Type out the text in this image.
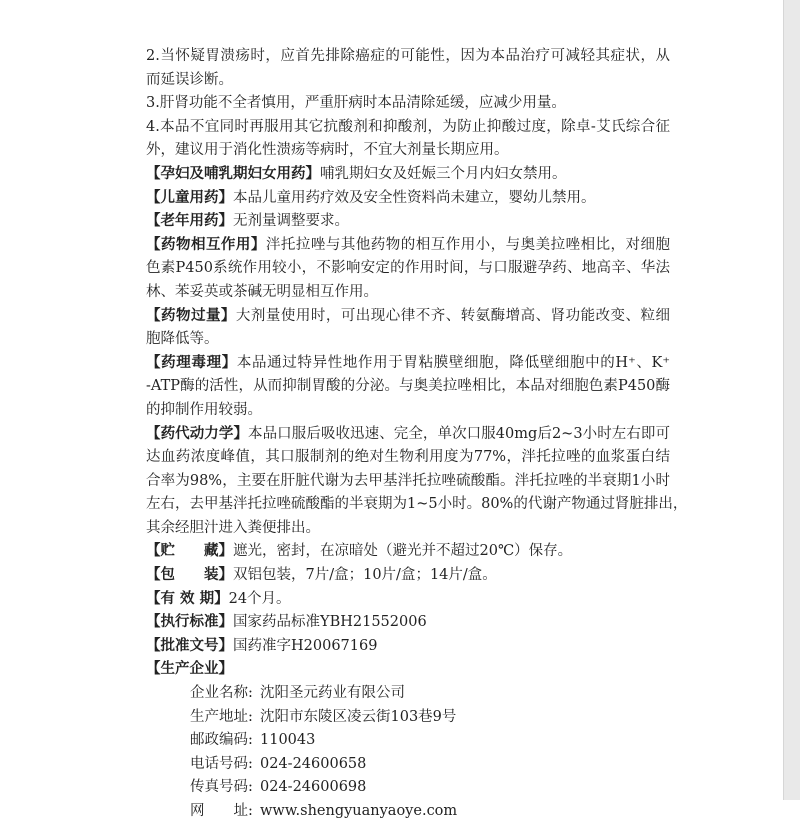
2.当怀疑胃溃疡时，应首先排除癌症的可能性，因为本品治疗可减轻其症状，从
而延误诊断。
3.肝肾功能不全者慎用，严重肝病时本品清除延缓，应减少用量。
4.本品不宜同时再服用其它抗酸剂和抑酸剂，为防止抑酸过度，除卓-艾氏综合征
外，建议用于消化性溃疡等病时，不宜大剂量长期应用。
【孕妇及哺乳期妇女用药】哺乳期妇女及妊娠三个月内妇女禁用。
【儿童用药】本品儿童用药疗效及安全性资料尚未建立，婴幼儿禁用。
【老年用药】无剂量调整要求。
【药物相互作用】泮托拉唑与其他药物的相互作用小，与奥美拉唑相比，对细胞
色素P450系统作用较小，不影响安定的作用时间，与口服避孕药、地高辛、华法
林、苯妥英或茶碱无明显相互作用。
【药物过量】大剂量使用时，可出现心律不齐、转氨酶增高、肾功能改变、粒细
胞降低等。
【药理毒理】本品通过特异性地作用于胃粘膜壁细胞，降低壁细胞中的H⁺、K⁺
-ATP酶的活性，从而抑制胃酸的分泌。与奥美拉唑相比，本品对细胞色素P450酶
的抑制作用较弱。
【药代动力学】本品口服后吸收迅速、完全，单次口服40mg后2~3小时左右即可
达血药浓度峰值，其口服制剂的绝对生物利用度为77%，泮托拉唑的血浆蛋白结
合率为98%，主要在肝脏代谢为去甲基泮托拉唑硫酸酯。泮托拉唑的半衰期1小时
左右，去甲基泮托拉唑硫酸酯的半衰期为1~5小时。80%的代谢产物通过肾脏排出，
其余经胆汁进入粪便排出。
【贮　　藏】遮光，密封，在凉暗处（避光并不超过20℃）保存。
【包　　装】双铝包装，7片/盒；10片/盒；14片/盒。
【有 效 期】24个月。
【执行标准】国家药品标准YBH21552006
【批准文号】国药准字H20067169
【生产企业】
企业名称: 沈阳圣元药业有限公司
生产地址: 沈阳市东陵区凌云街103巷9号
邮政编码: 110043
电话号码: 024-24600658
传真号码: 024-24600698
网　　址: www.shengyuanyaoye.com
